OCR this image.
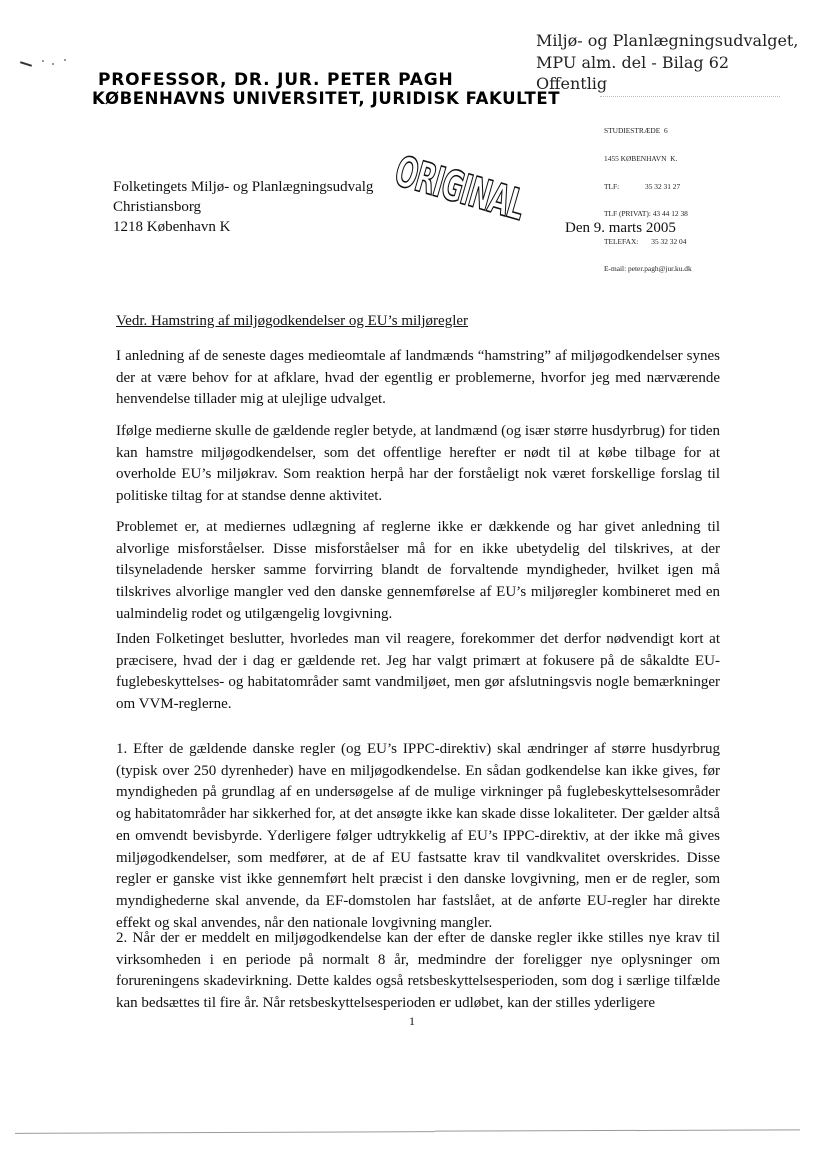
PROFESSOR, DR. JUR. PETER PAGH
KØBENHAVNS UNIVERSITET, JURIDISK FAKULTET
Miljø- og Planlægningsudvalget,
MPU alm. del - Bilag 62
Offentlig

STUDIESTRÆDE  6

1455 KØBENHAVN  K.

TLF:              35 32 31 27

TLF (PRIVAT): 43 44 12 38

TELEFAX:       35 32 32 04

E-mail: peter.pagh@jur.ku.dk

ORIGINAL
Folketingets Miljø- og Planlægningsudvalg
Christiansborg
1218 København K	Den 9. marts 2005
Vedr. Hamstring af miljøgodkendelser og EU’s miljøregler
I anledning af de seneste dages medieomtale af landmænds “hamstring” af miljøgodkendelser synes der at være behov for at afklare, hvad der egentlig er problemerne, hvorfor jeg med nærværende henvendelse tillader mig at ulejlige udvalget.
Ifølge medierne skulle de gældende regler betyde, at landmænd (og især større husdyrbrug) for tiden kan hamstre miljøgodkendelser, som det offentlige herefter er nødt til at købe tilbage for at overholde EU’s miljøkrav. Som reaktion herpå har der forståeligt nok været forskellige forslag til politiske tiltag for at standse denne aktivitet.
Problemet er, at mediernes udlægning af reglerne ikke er dækkende og har givet anledning til alvorlige misforståelser. Disse misforståelser må for en ikke ubetydelig del tilskrives, at der tilsyneladende hersker samme forvirring blandt de forvaltende myndigheder, hvilket igen må tilskrives alvorlige mangler ved den danske gennemførelse af EU’s miljøregler kombineret med en ualmindelig rodet og utilgængelig lovgivning.
Inden Folketinget beslutter, hvorledes man vil reagere, forekommer det derfor nødvendigt kort at præcisere, hvad der i dag er gældende ret. Jeg har valgt primært at fokusere på de såkaldte EU-fuglebeskyttelses- og habitatområder samt vandmiljøet, men gør afslutningsvis nogle bemærkninger om VVM-reglerne.
1. Efter de gældende danske regler (og EU’s IPPC-direktiv) skal ændringer af større husdyrbrug (typisk over 250 dyrenheder) have en miljøgodkendelse. En sådan godkendelse kan ikke gives, før myndigheden på grundlag af en undersøgelse af de mulige virkninger på fuglebeskyttelsesområder og habitatområder har sikkerhed for, at det ansøgte ikke kan skade disse lokaliteter. Der gælder altså en omvendt bevisbyrde. Yderligere følger udtrykkelig af EU’s IPPC-direktiv, at der ikke må gives miljøgodkendelser, som medfører, at de af EU fastsatte krav til vandkvalitet overskrides. Disse regler er ganske vist ikke gennemført helt præcist i den danske lovgivning, men er de regler, som myndighederne skal anvende, da EF-domstolen har fastslået, at de anførte EU-regler har direkte effekt og skal anvendes, når den nationale lovgivning mangler.
2. Når der er meddelt en miljøgodkendelse kan der efter de danske regler ikke stilles nye krav til virksomheden i en periode på normalt 8 år, medmindre der foreligger nye oplysninger om forureningens skadevirkning. Dette kaldes også retsbeskyttelsesperioden, som dog i særlige tilfælde kan bedsættes til fire år. Når retsbeskyttelsesperioden er udløbet, kan der stilles yderligere
1
